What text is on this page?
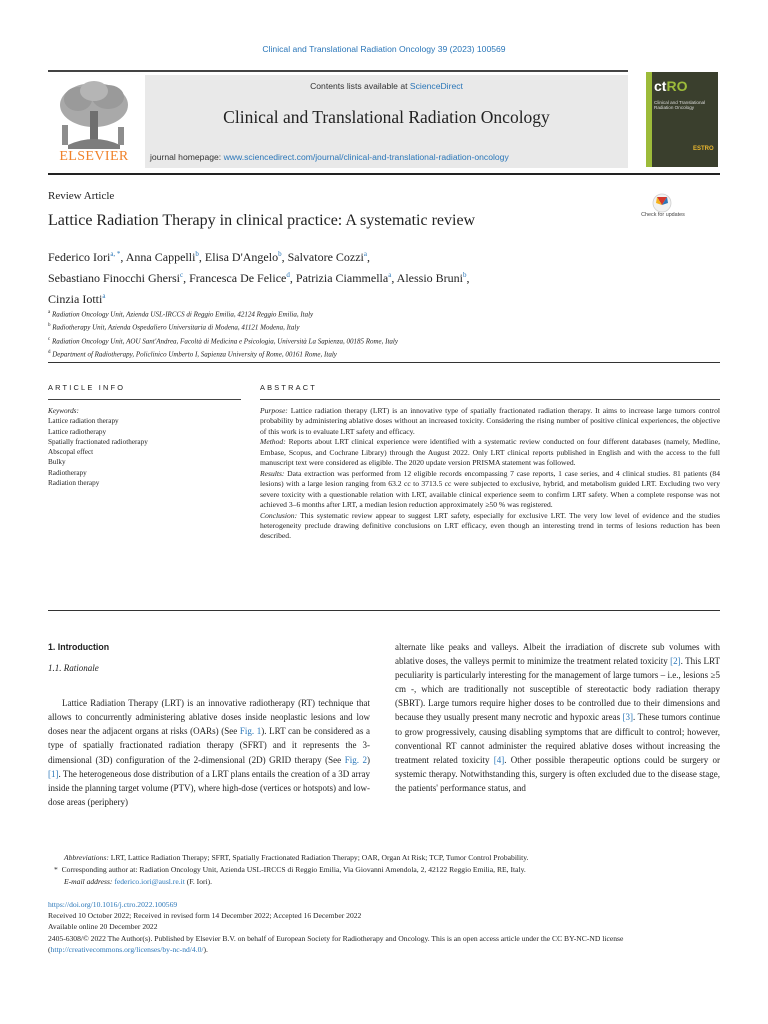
Clinical and Translational Radiation Oncology 39 (2023) 100569
ELSEVIER
Contents lists available at ScienceDirect
Clinical and Translational Radiation Oncology
journal homepage: www.sciencedirect.com/journal/clinical-and-translational-radiation-oncology
ctRO
Clinical and Translational Radiation Oncology
ESTRO
Review Article
Lattice Radiation Therapy in clinical practice: A systematic review	Check for updates
Federico Iori$^{a, *}$, Anna Cappelli$^b$, Elisa D'Angelo$^b$, Salvatore Cozzi$^a$,
Sebastiano Finocchi Ghersi$^c$, Francesca De Felice$^d$, Patrizia Ciammella$^a$, Alessio Bruni$^b$,
Cinzia Iotti$^a$
$^a$ Radiation Oncology Unit, Azienda USL-IRCCS di Reggio Emilia, 42124 Reggio Emilia, Italy
$^b$ Radiotherapy Unit, Azienda Ospedaliero Universitaria di Modena, 41121 Modena, Italy
$^c$ Radiation Oncology Unit, AOU Sant'Andrea, Facoltà di Medicina e Psicologia, Università La Sapienza, 00185 Rome, Italy
$^d$ Department of Radiotherapy, Policlinico Umberto I, Sapienza University of Rome, 00161 Rome, Italy
ARTICLE INFO	ABSTRACT
Keywords:
Lattice radiation therapy
Lattice radiotherapy
Spatially fractionated radiotherapy
Abscopal effect
Bulky
Radiotherapy
Radiation therapy

Purpose: Lattice radiation therapy (LRT) is an innovative type of spatially fractionated radiation therapy. It aims to increase large tumors control probability by administering ablative doses without an increased toxicity. Considering the rising number of positive clinical experiences, the objective of this work is to evaluate LRT safety and efficacy.

Method: Reports about LRT clinical experience were identified with a systematic review conducted on four different databases (namely, Medline, Embase, Scopus, and Cochrane Library) through the August 2022. Only LRT clinical reports published in English and with the access to the full manuscript text were considered as eligible. The 2020 update version PRISMA statement was followed.

Results: Data extraction was performed from 12 eligible records encompassing 7 case reports, 1 case series, and 4 clinical studies. 81 patients (84 lesions) with a large lesion ranging from 63.2 cc to 3713.5 cc were subjected to exclusive, hybrid, and metabolism guided LRT. Excluding two very severe toxicity with a questionable relation with LRT, available clinical experience seem to confirm LRT safety. When a complete response was not achieved 3–6 months after LRT, a median lesion reduction approximately ≥50 % was registered.

Conclusion: This systematic review appear to suggest LRT safety, especially for exclusive LRT. The very low level of evidence and the studies heterogeneity preclude drawing definitive conclusions on LRT efficacy, even though an interesting trend in terms of lesions reduction has been described.

1. Introduction

1.1. Rationale

Lattice Radiation Therapy (LRT) is an innovative radiotherapy (RT) technique that allows to concurrently administering ablative doses inside neoplastic lesions and low doses near the adjacent organs at risks (OARs) (See Fig. 1). LRT can be considered as a type of spatially fractionated radiation therapy (SFRT) and it represents the 3-dimensional (3D) configuration of the 2-dimensional (2D) GRID therapy (See Fig. 2) [1]. The heterogeneous dose distribution of a LRT plans entails the creation of a 3D array inside the planning target volume (PTV), where high-dose (vertices or hotspots) and low-dose areas (periphery)

alternate like peaks and valleys. Albeit the irradiation of discrete sub volumes with ablative doses, the valleys permit to minimize the treatment related toxicity [2]. This LRT peculiarity is particularly interesting for the management of large tumors – i.e., lesions ≥5 cm -, which are traditionally not susceptible of stereotactic body radiation therapy (SBRT). Large tumors require higher doses to be controlled due to their dimensions and because they usually present many necrotic and hypoxic areas [3]. These tumors continue to grow progressively, causing disabling symptoms that are difficult to control; however, conventional RT cannot administer the required ablative doses without increasing the treatment related toxicity [4]. Other possible therapeutic options could be surgery or systemic therapy. Notwithstanding this, surgery is often excluded due to the disease stage, the patients' performance status, and

Abbreviations: LRT, Lattice Radiation Therapy; SFRT, Spatially Fractionated Radiation Therapy; OAR, Organ At Risk; TCP, Tumor Control Probability.

* Corresponding author at: Radiation Oncology Unit, Azienda USL-IRCCS di Reggio Emilia, Via Giovanni Amendola, 2, 42122 Reggio Emilia, RE, Italy.

E-mail address: federico.iori@ausl.re.it (F. Iori).

https://doi.org/10.1016/j.ctro.2022.100569

Received 10 October 2022; Received in revised form 14 December 2022; Accepted 16 December 2022

Available online 20 December 2022

2405-6308/© 2022 The Author(s). Published by Elsevier B.V. on behalf of European Society for Radiotherapy and Oncology. This is an open access article under the CC BY-NC-ND license (http://creativecommons.org/licenses/by-nc-nd/4.0/).
